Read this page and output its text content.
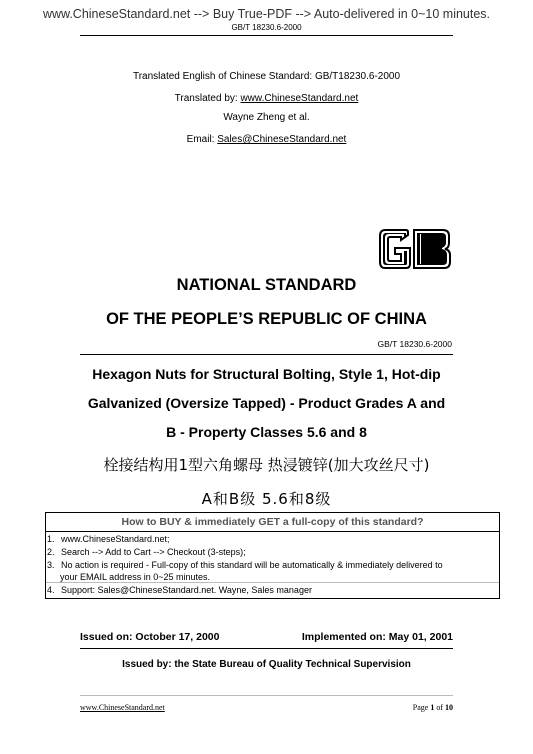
www.ChineseStandard.net --> Buy True-PDF --> Auto-delivered in 0~10 minutes.
GB/T 18230.6-2000
Translated English of Chinese Standard: GB/T18230.6-2000
Translated by: www.ChineseStandard.net
Wayne Zheng et al.
Email: Sales@ChineseStandard.net
NATIONAL STANDARD
OF THE PEOPLE’S REPUBLIC OF CHINA
GB/T 18230.6-2000
Hexagon Nuts for Structural Bolting, Style 1, Hot-dip
Galvanized (Oversize Tapped) - Product Grades A and
B - Property Classes 5.6 and 8
栓接结构用1型六角螺母 热浸镀锌(加大攻丝尺寸)
A和B级 5.6和8级
How to BUY & immediately GET a full-copy of this standard?
1. www.ChineseStandard.net;
2. Search --> Add to Cart --> Checkout (3-steps);
3. No action is required - Full-copy of this standard will be automatically & immediately delivered to
your EMAIL address in 0~25 minutes.
4. Support: Sales@ChineseStandard.net. Wayne, Sales manager
Issued on: October 17, 2000	Implemented on: May 01, 2001
Issued by: the State Bureau of Quality Technical Supervision
www.ChineseStandard.net	Page 1 of 10
